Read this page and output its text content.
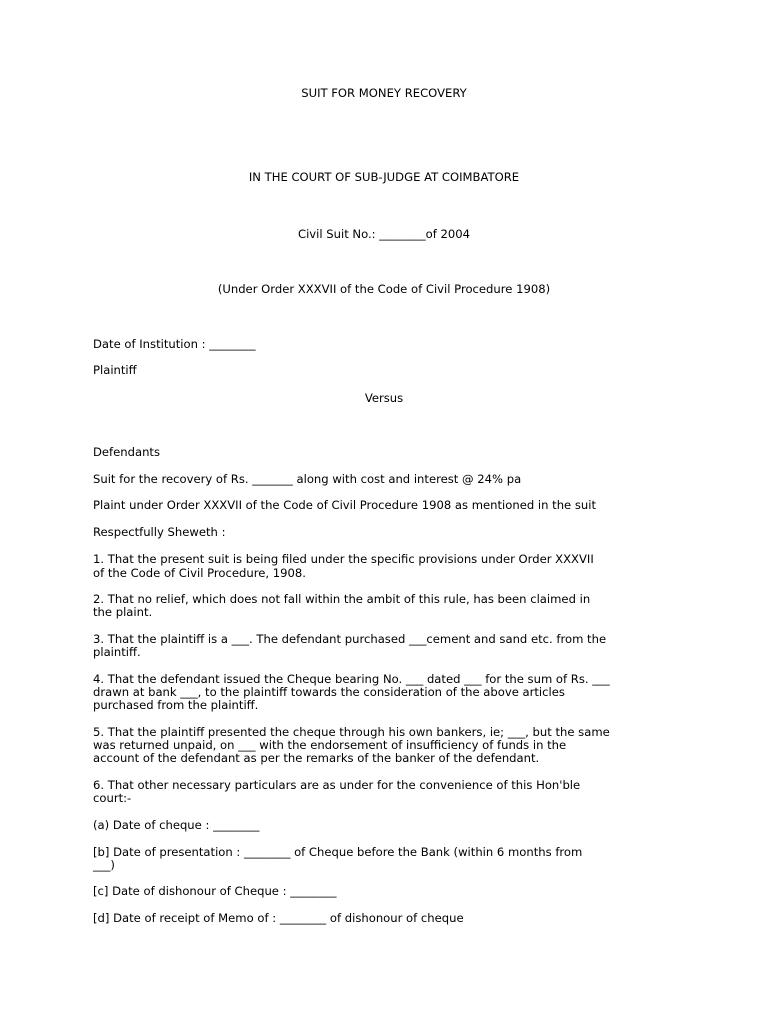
SUIT FOR MONEY RECOVERY

IN THE COURT OF SUB-JUDGE AT COIMBATORE

Civil Suit No.: ________of 2004

(Under Order XXXVII of the Code of Civil Procedure 1908)

Date of Institution : ________

Plaintiff

Versus

Defendants

Suit for the recovery of Rs. _______ along with cost and interest @ 24% pa

Plaint under Order XXXVII of the Code of Civil Procedure 1908 as mentioned in the suit

Respectfully Sheweth :

1. That the present suit is being filed under the specific provisions under Order XXXVII

of the Code of Civil Procedure, 1908.

2. That no relief, which does not fall within the ambit of this rule, has been claimed in

the plaint.

3. That the plaintiff is a ___. The defendant purchased ___cement and sand etc. from the

plaintiff.

4. That the defendant issued the Cheque bearing No. ___ dated ___ for the sum of Rs. ___

drawn at bank ___, to the plaintiff towards the consideration of the above articles

purchased from the plaintiff.

5. That the plaintiff presented the cheque through his own bankers, ie; ___, but the same

was returned unpaid, on ___ with the endorsement of insufficiency of funds in the

account of the defendant as per the remarks of the banker of the defendant.

6. That other necessary particulars are as under for the convenience of this Hon'ble

court:-

(a) Date of cheque : ________

[b] Date of presentation : ________ of Cheque before the Bank (within 6 months from

___)

[c] Date of dishonour of Cheque : ________

[d] Date of receipt of Memo of : ________ of dishonour of cheque
